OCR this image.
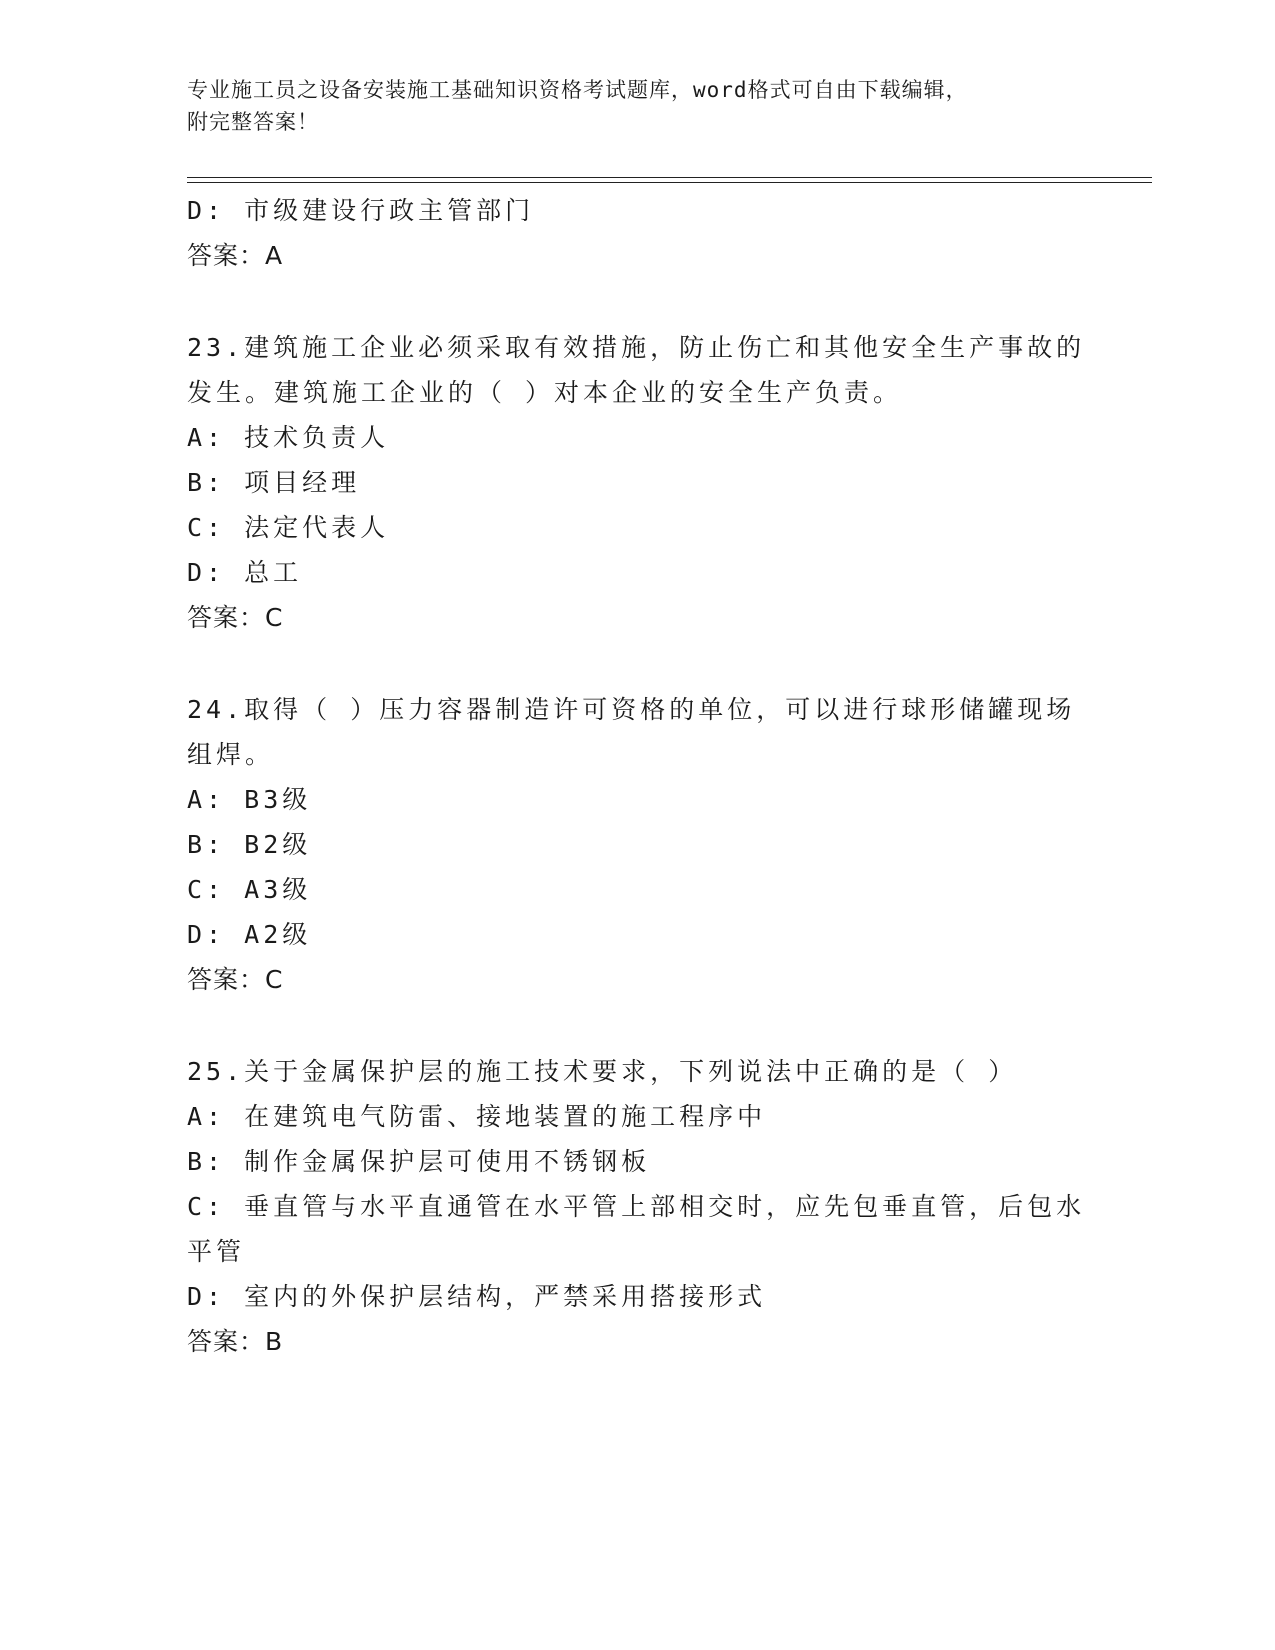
专业施工员之设备安装施工基础知识资格考试题库，word格式可自由下载编辑，
附完整答案！
D: 市级建设行政主管部门
答案：A
23.建筑施工企业必须采取有效措施，防止伤亡和其他安全生产事故的
发生。建筑施工企业的（ ）对本企业的安全生产负责。
A: 技术负责人
B: 项目经理
C: 法定代表人
D: 总工
答案：C
24.取得（ ）压力容器制造许可资格的单位，可以进行球形储罐现场
组焊。
A: B3级
B: B2级
C: A3级
D: A2级
答案：C
25.关于金属保护层的施工技术要求，下列说法中正确的是（ ）
A: 在建筑电气防雷、接地装置的施工程序中
B: 制作金属保护层可使用不锈钢板
C: 垂直管与水平直通管在水平管上部相交时，应先包垂直管，后包水
平管
D: 室内的外保护层结构，严禁采用搭接形式
答案：B
